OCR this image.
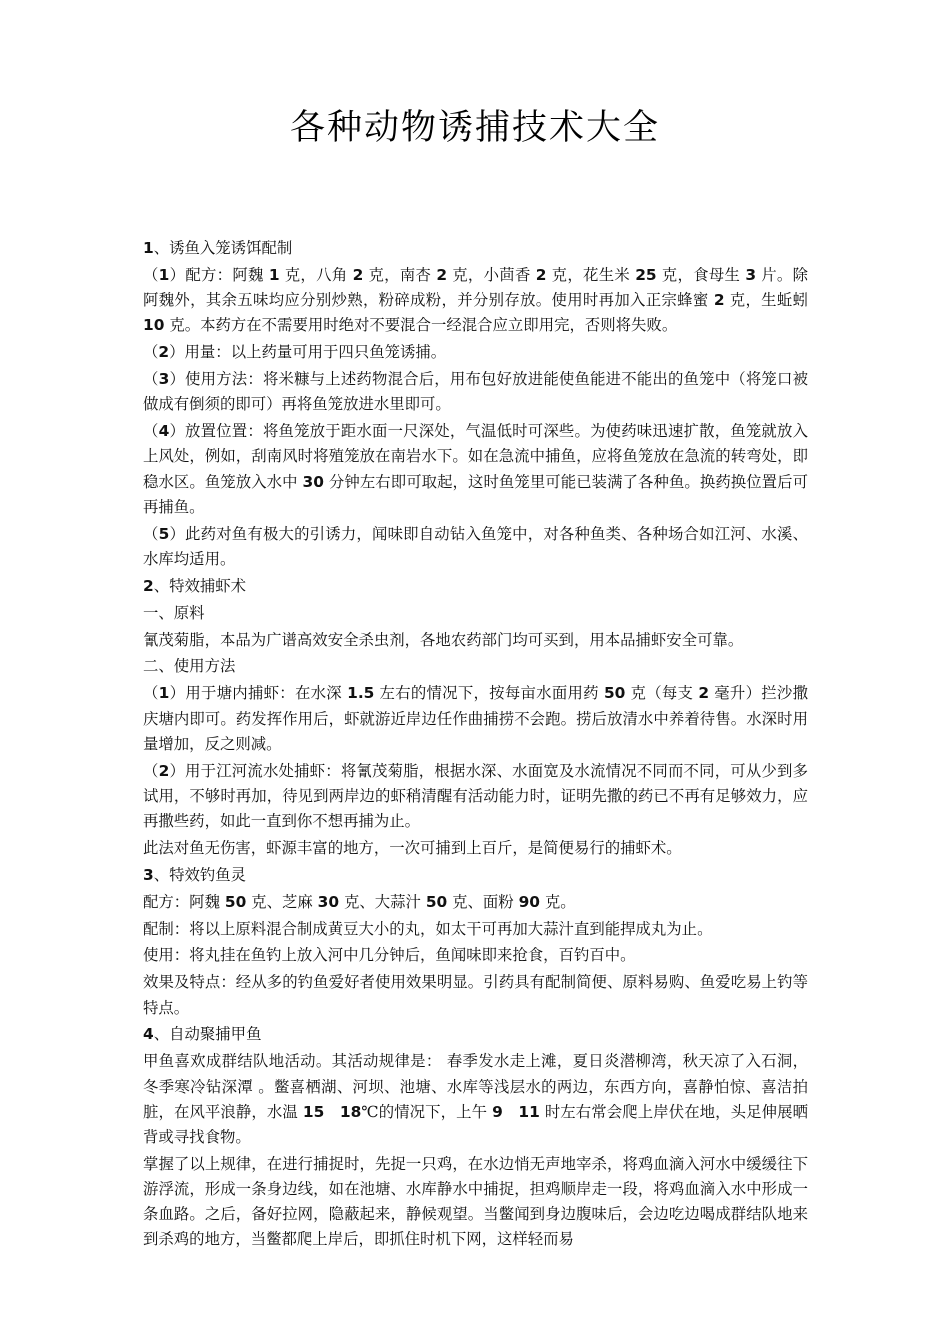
各种动物诱捕技术大全

1、诱鱼入笼诱饵配制

（1）配方：阿魏 1 克，八角 2 克，南杏 2 克，小茴香 2 克，花生米 25 克，食母生 3 片。除阿魏外，其余五味均应分别炒熟，粉碎成粉，并分别存放。使用时再加入正宗蜂蜜 2 克，生蚯蚓 10 克。本药方在不需要用时绝对不要混合一经混合应立即用完，否则将失败。

（2）用量：以上药量可用于四只鱼笼诱捕。

（3）使用方法：将米糠与上述药物混合后，用布包好放进能使鱼能进不能出的鱼笼中（将笼口被做成有倒须的即可）再将鱼笼放进水里即可。

（4）放置位置：将鱼笼放于距水面一尺深处，气温低时可深些。为使药味迅速扩散，鱼笼就放入上风处，例如，刮南风时将殖笼放在南岩水下。如在急流中捕鱼，应将鱼笼放在急流的转弯处，即稳水区。鱼笼放入水中 30 分钟左右即可取起，这时鱼笼里可能已装满了各种鱼。换药换位置后可再捕鱼。

（5）此药对鱼有极大的引诱力，闻味即自动钻入鱼笼中，对各种鱼类、各种场合如江河、水溪、水库均适用。

2、特效捕虾术

一、原料

氰茂菊脂，本品为广谱高效安全杀虫剂，各地农药部门均可买到，用本品捕虾安全可靠。

二、使用方法

（1）用于塘内捕虾：在水深 1.5 左右的情况下，按每亩水面用药 50 克（每支 2 毫升）拦沙撒庆塘内即可。药发挥作用后，虾就游近岸边任作曲捕捞不会跑。捞后放清水中养着待售。水深时用量增加，反之则减。

（2）用于江河流水处捕虾：将氰茂菊脂，根据水深、水面宽及水流情况不同而不同，可从少到多试用，不够时再加，待见到两岸边的虾稍清醒有活动能力时，证明先撒的药已不再有足够效力，应再撒些药，如此一直到你不想再捕为止。

此法对鱼无伤害，虾源丰富的地方，一次可捕到上百斤，是简便易行的捕虾术。

3、特效钓鱼灵

配方：阿魏 50 克、芝麻 30 克、大蒜汁 50 克、面粉 90 克。

配制：将以上原料混合制成黄豆大小的丸，如太干可再加大蒜汁直到能捍成丸为止。

使用：将丸挂在鱼钓上放入河中几分钟后，鱼闻味即来抢食，百钓百中。

效果及特点：经从多的钓鱼爱好者使用效果明显。引药具有配制简便、原料易购、鱼爱吃易上钓等特点。

4、自动聚捕甲鱼

甲鱼喜欢成群结队地活动。其活动规律是： 春季发水走上滩，夏日炎潜柳湾，秋天凉了入石洞，冬季寒冷钻深潭 。鳖喜栖湖、河坝、池塘、水库等浅层水的两边，东西方向，喜静怕惊、喜洁拍脏，在风平浪静，水温 15　 18℃的情况下，上午 9　 11 时左右常会爬上岸伏在地，头足伸展晒背或寻找食物。

掌握了以上规律，在进行捕捉时，先捉一只鸡，在水边悄无声地宰杀，将鸡血滴入河水中缓缓往下游浮流，形成一条身边线，如在池塘、水库静水中捕捉，担鸡顺岸走一段，将鸡血滴入水中形成一条血路。之后，备好拉网，隐蔽起来，静候观望。当鳖闻到身边腹味后，会边吃边喝成群结队地来到杀鸡的地方，当鳖都爬上岸后，即抓住时机下网，这样轻而易
